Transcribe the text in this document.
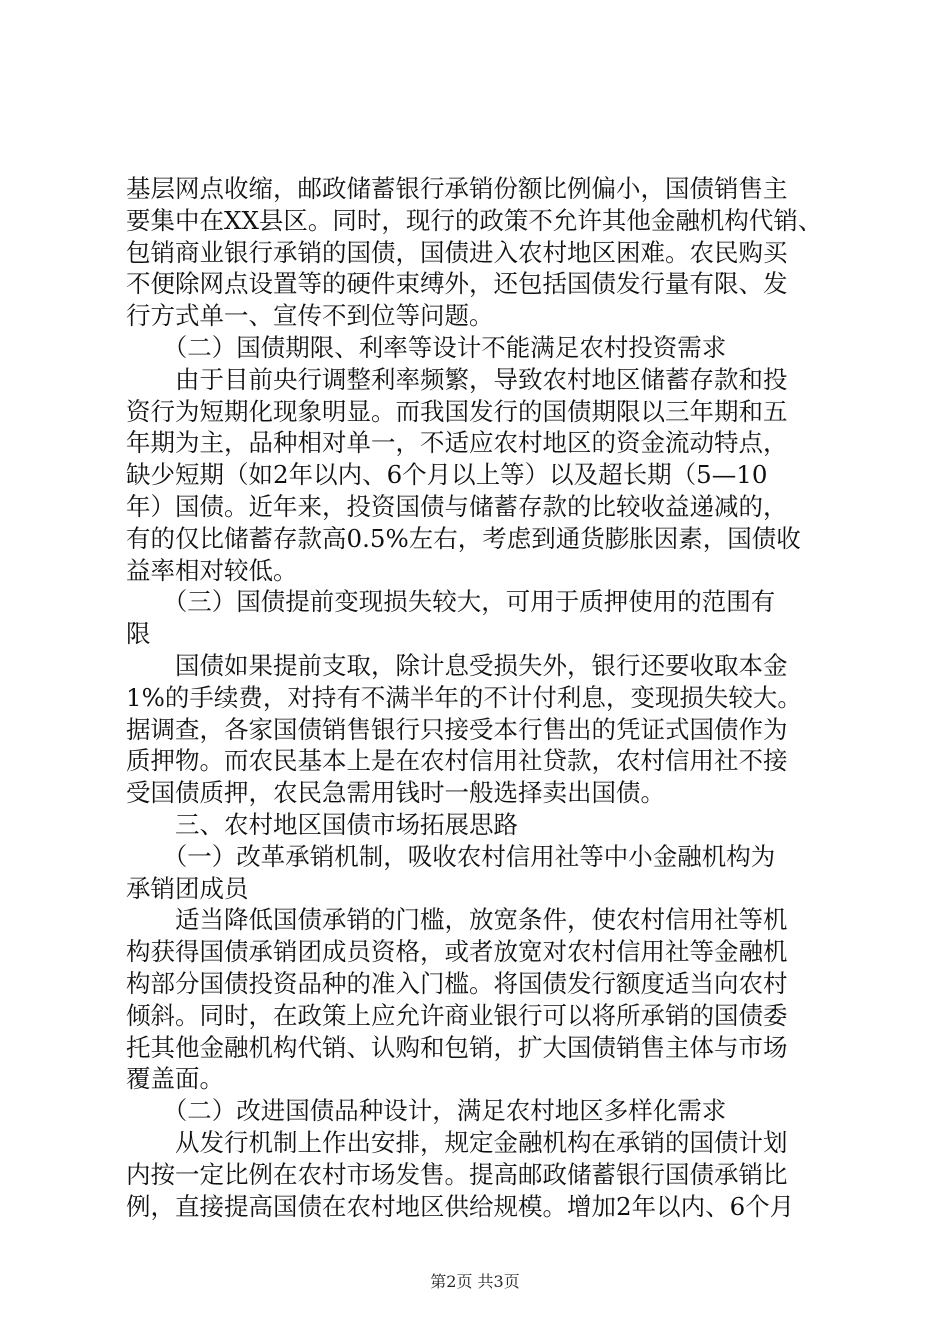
基层网点收缩，邮政储蓄银行承销份额比例偏小，国债销售主
要集中在XX县区。同时，现行的政策不允许其他金融机构代销、
包销商业银行承销的国债，国债进入农村地区困难。农民购买
不便除网点设置等的硬件束缚外，还包括国债发行量有限、发
行方式单一、宣传不到位等问题。
　　（二）国债期限、利率等设计不能满足农村投资需求
　　由于目前央行调整利率频繁，导致农村地区储蓄存款和投
资行为短期化现象明显。而我国发行的国债期限以三年期和五
年期为主，品种相对单一，不适应农村地区的资金流动特点，
缺少短期（如2年以内、6个月以上等）以及超长期（5—10
年）国债。近年来，投资国债与储蓄存款的比较收益递减的，
有的仅比储蓄存款高0.5%左右，考虑到通货膨胀因素，国债收
益率相对较低。
　　（三）国债提前变现损失较大，可用于质押使用的范围有
限
　　国债如果提前支取，除计息受损失外，银行还要收取本金
1%的手续费，对持有不满半年的不计付利息，变现损失较大。
据调查，各家国债销售银行只接受本行售出的凭证式国债作为
质押物。而农民基本上是在农村信用社贷款，农村信用社不接
受国债质押，农民急需用钱时一般选择卖出国债。
　　三、农村地区国债市场拓展思路
　　（一）改革承销机制，吸收农村信用社等中小金融机构为
承销团成员
　　适当降低国债承销的门槛，放宽条件，使农村信用社等机
构获得国债承销团成员资格，或者放宽对农村信用社等金融机
构部分国债投资品种的准入门槛。将国债发行额度适当向农村
倾斜。同时，在政策上应允许商业银行可以将所承销的国债委
托其他金融机构代销、认购和包销，扩大国债销售主体与市场
覆盖面。
　　（二）改进国债品种设计，满足农村地区多样化需求
　　从发行机制上作出安排，规定金融机构在承销的国债计划
内按一定比例在农村市场发售。提高邮政储蓄银行国债承销比
例，直接提高国债在农村地区供给规模。增加2年以内、6个月
第2页 共3页
